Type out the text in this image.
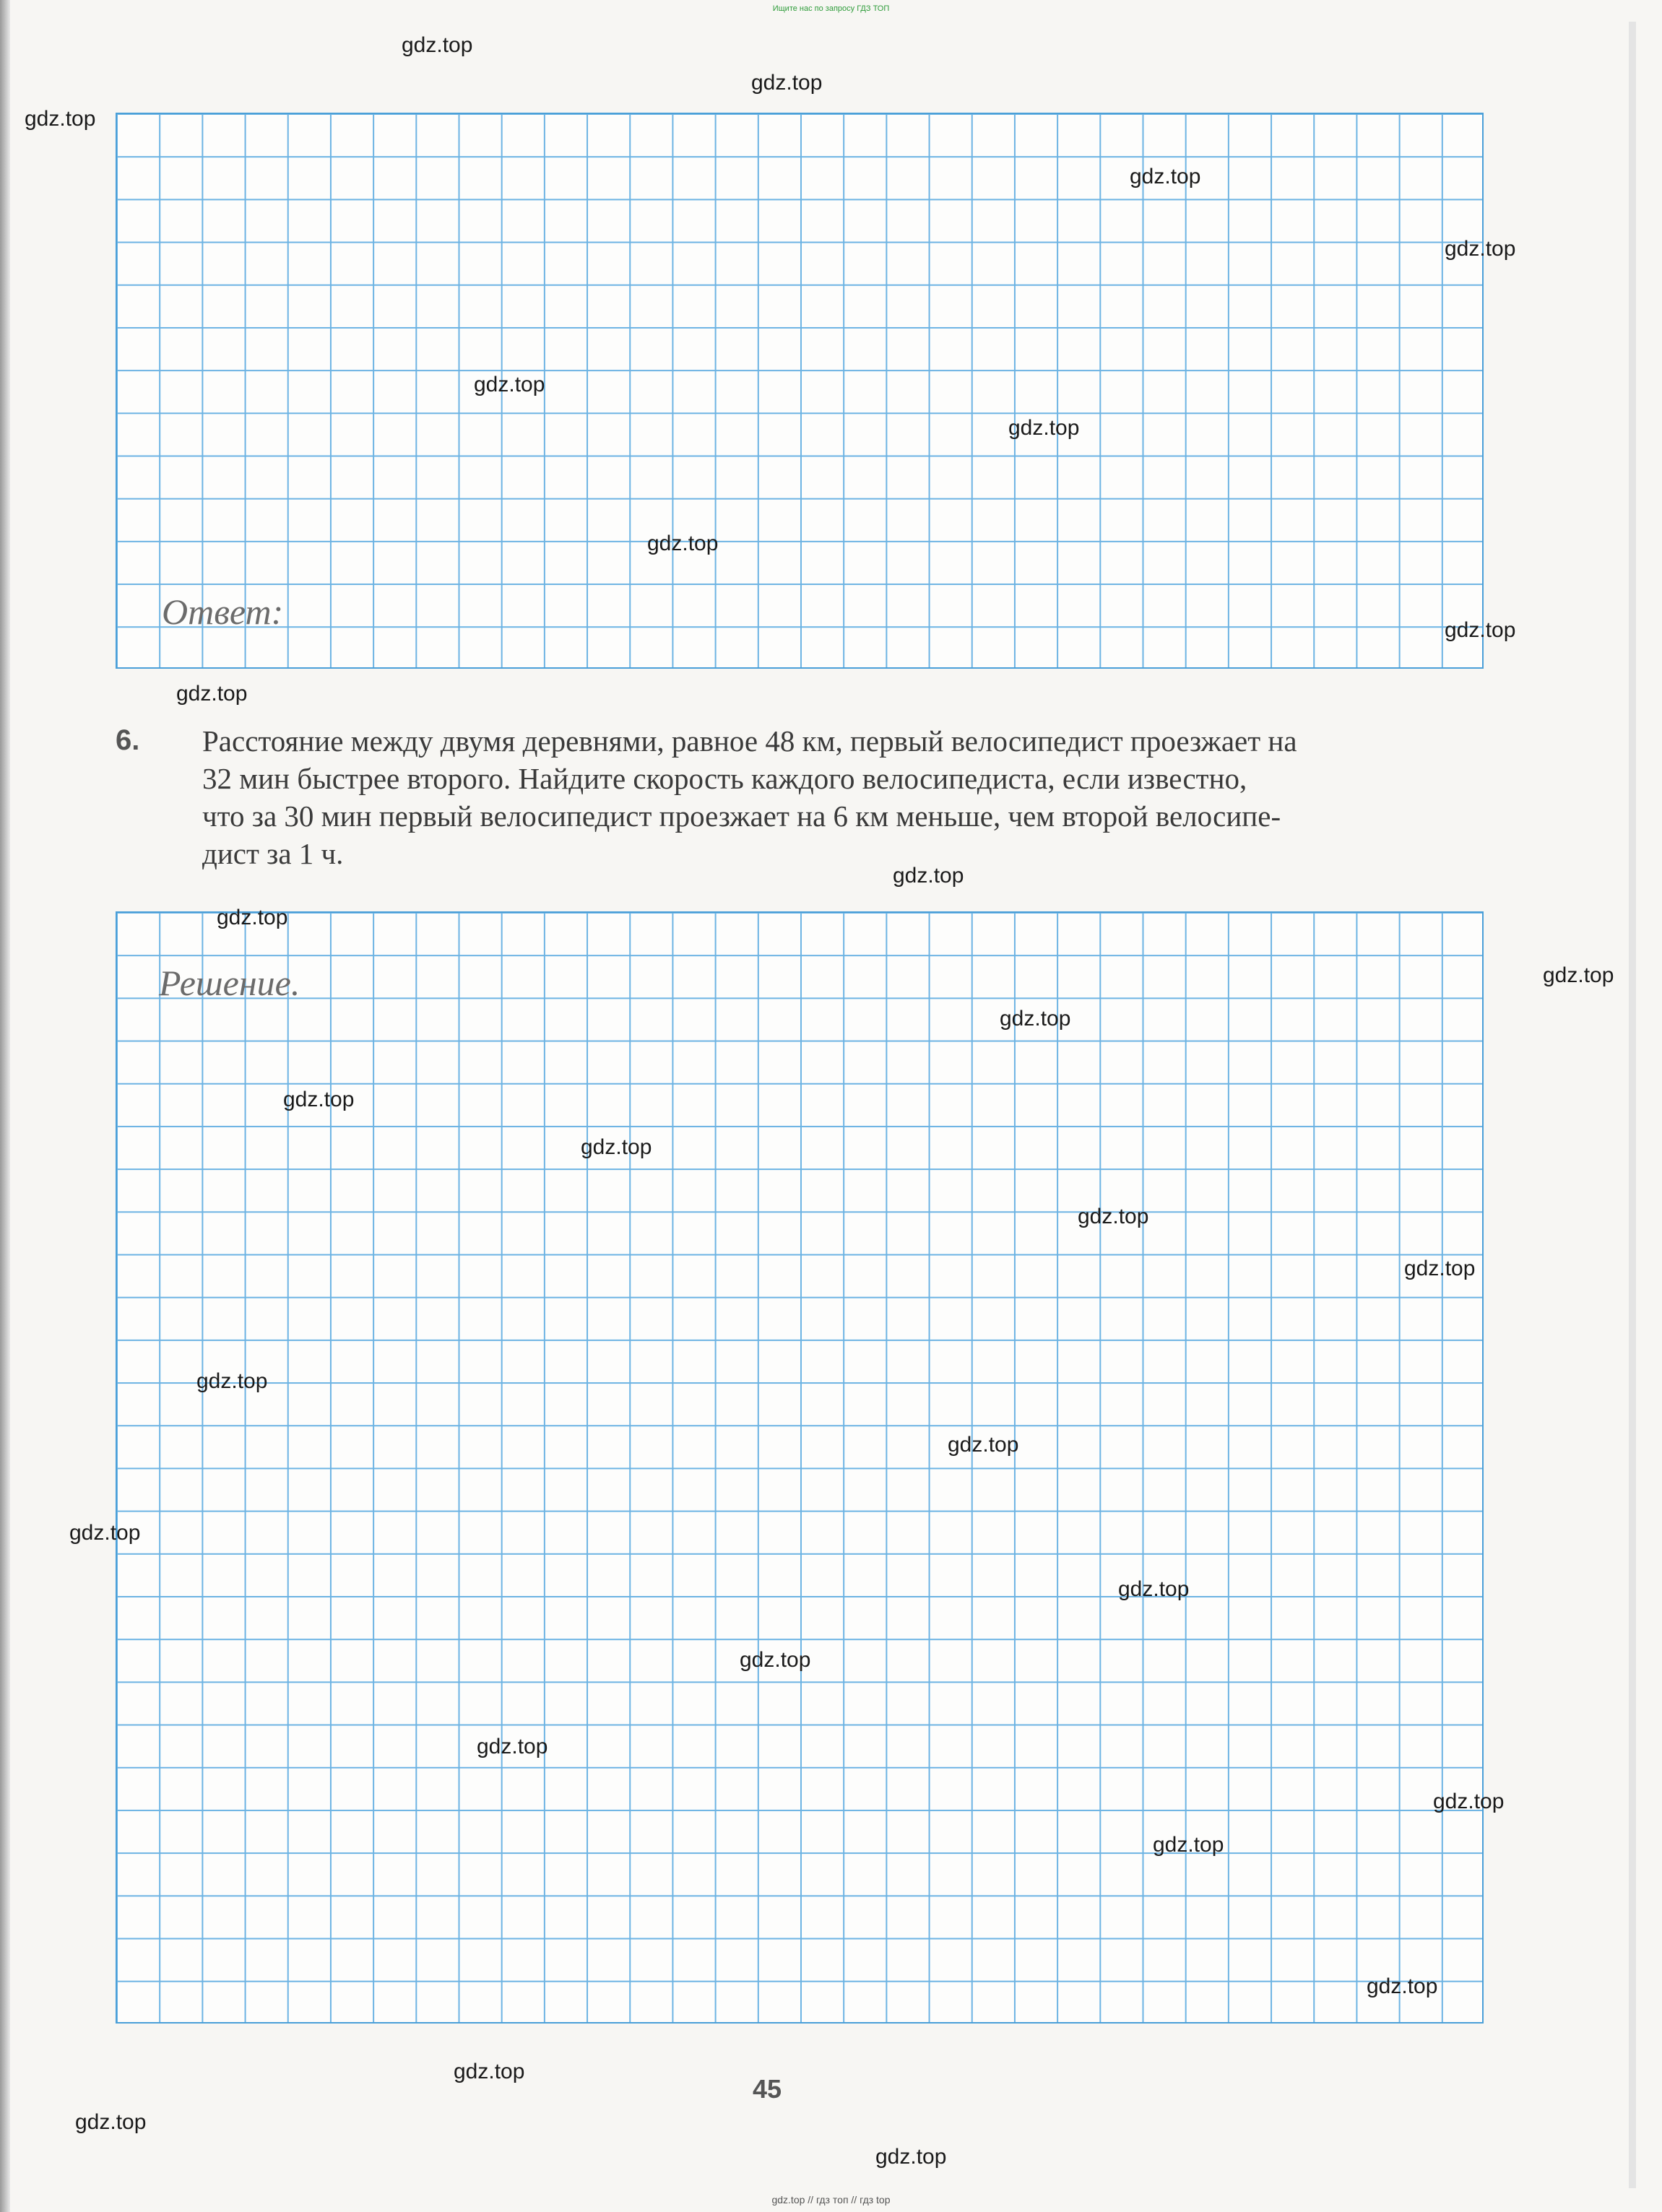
Ищите нас по запросу ГДЗ ТОП
Ответ:
6. Расстояние между двумя деревнями, равное 48 км, первый велосипедист проезжает на
32 мин быстрее второго. Найдите скорость каждого велосипедиста, если известно,
что за 30 мин первый велосипедист проезжает на 6 км меньше, чем второй велосипе-
дист за 1 ч.
Решение.
45
gdz.top // гдз топ // гдз top
gdz.top
gdz.top
gdz.top
gdz.top
gdz.top
gdz.top
gdz.top
gdz.top
gdz.top
gdz.top
gdz.top
gdz.top
gdz.top
gdz.top
gdz.top
gdz.top
gdz.top
gdz.top
gdz.top
gdz.top
gdz.top
gdz.top
gdz.top
gdz.top
gdz.top
gdz.top
gdz.top
gdz.top
gdz.top
gdz.top
